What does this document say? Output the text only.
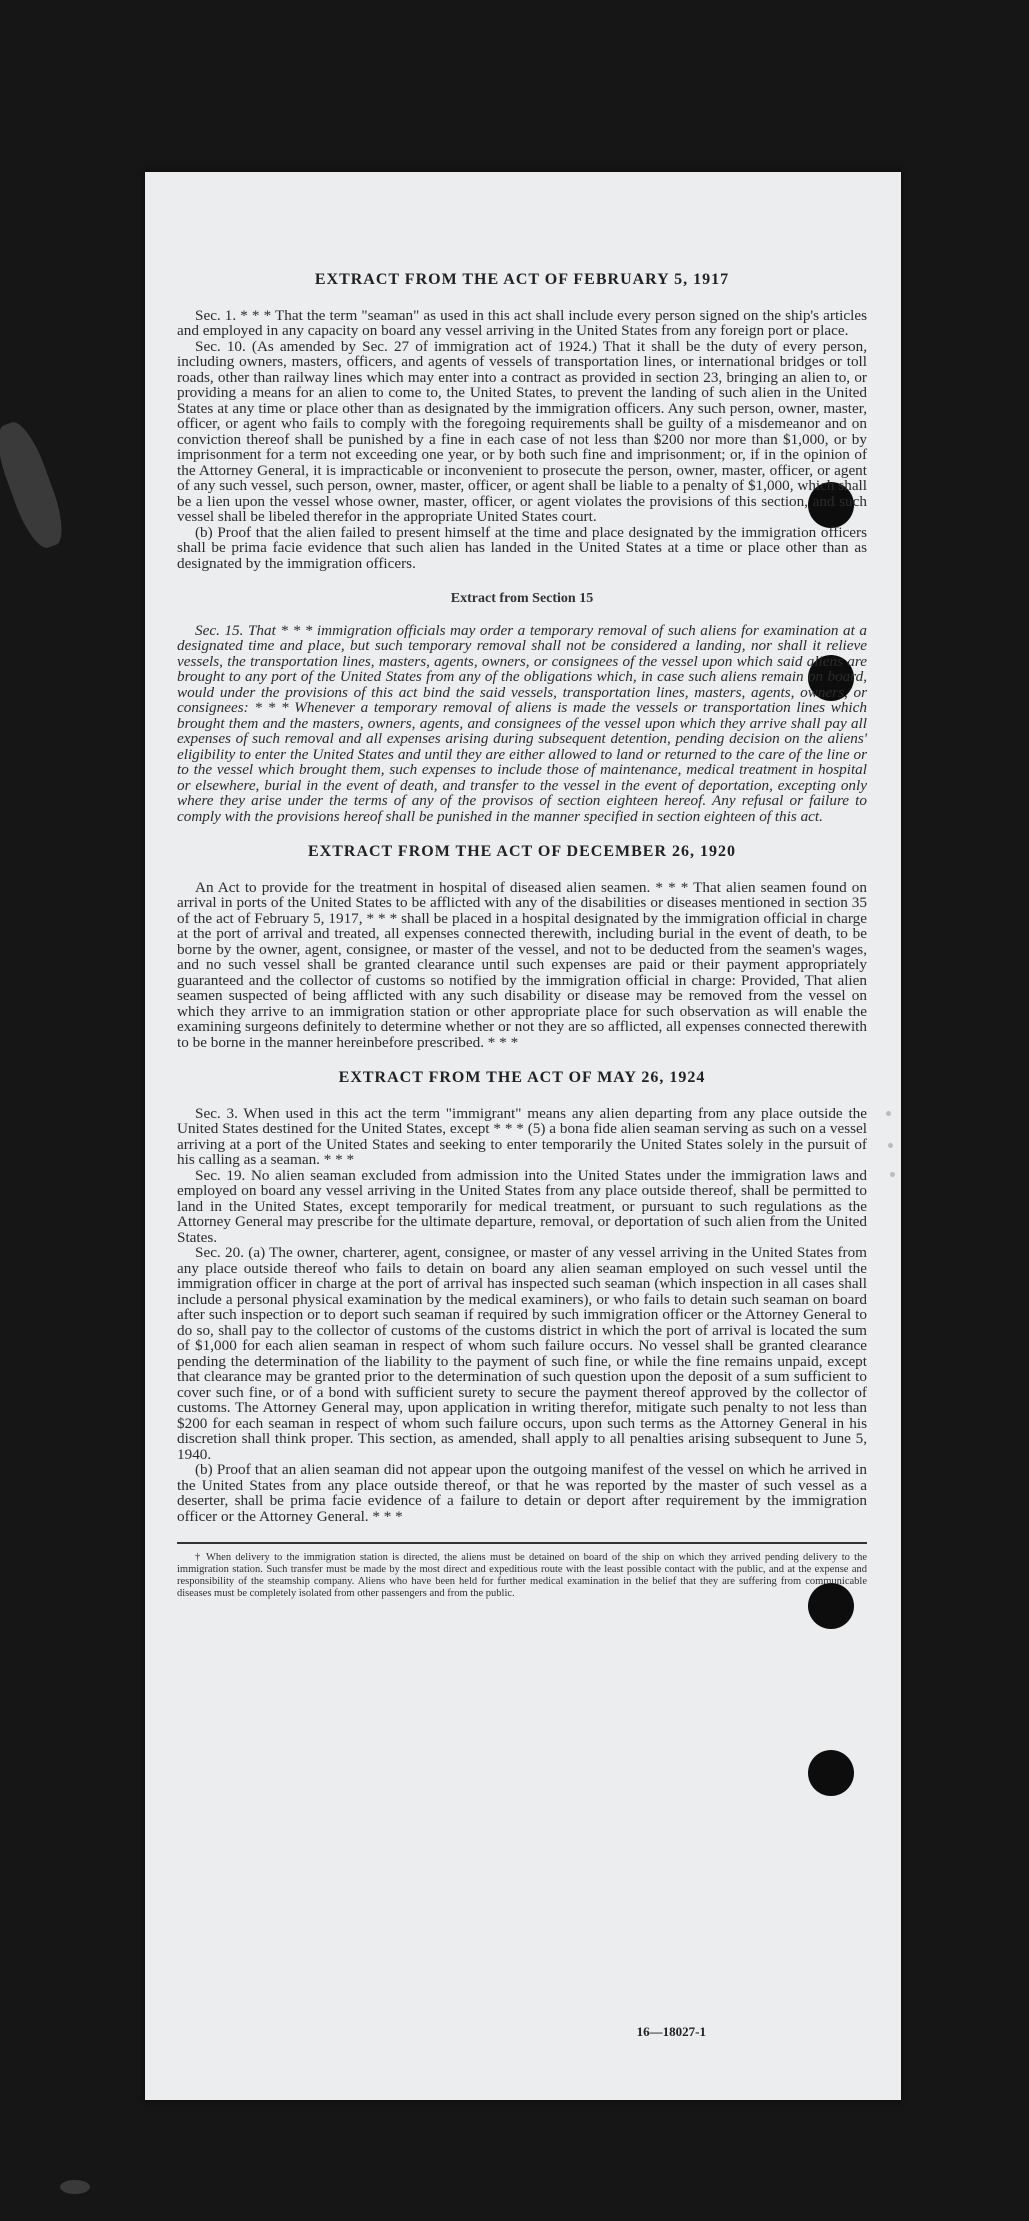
EXTRACT FROM THE ACT OF FEBRUARY 5, 1917

Sec. 1. * * * That the term "seaman" as used in this act shall include every person signed on the ship's articles and employed in any capacity on board any vessel arriving in the United States from any foreign port or place.

Sec. 10. (As amended by Sec. 27 of immigration act of 1924.) That it shall be the duty of every person, including owners, masters, officers, and agents of vessels of transportation lines, or international bridges or toll roads, other than railway lines which may enter into a contract as provided in section 23, bringing an alien to, or providing a means for an alien to come to, the United States, to prevent the landing of such alien in the United States at any time or place other than as designated by the immigration officers. Any such person, owner, master, officer, or agent who fails to comply with the foregoing requirements shall be guilty of a misdemeanor and on conviction thereof shall be punished by a fine in each case of not less than $200 nor more than $1,000, or by imprisonment for a term not exceeding one year, or by both such fine and imprisonment; or, if in the opinion of the Attorney General, it is impracticable or inconvenient to prosecute the person, owner, master, officer, or agent of any such vessel, such person, owner, master, officer, or agent shall be liable to a penalty of $1,000, which shall be a lien upon the vessel whose owner, master, officer, or agent violates the provisions of this section, and such vessel shall be libeled therefor in the appropriate United States court.

(b) Proof that the alien failed to present himself at the time and place designated by the immigration officers shall be prima facie evidence that such alien has landed in the United States at a time or place other than as designated by the immigration officers.

Extract from Section 15

Sec. 15. That * * * immigration officials may order a temporary removal of such aliens for examination at a designated time and place, but such temporary removal shall not be considered a landing, nor shall it relieve vessels, the transportation lines, masters, agents, owners, or consignees of the vessel upon which said aliens are brought to any port of the United States from any of the obligations which, in case such aliens remain on board, would under the provisions of this act bind the said vessels, transportation lines, masters, agents, owners, or consignees: * * * Whenever a temporary removal of aliens is made the vessels or transportation lines which brought them and the masters, owners, agents, and consignees of the vessel upon which they arrive shall pay all expenses of such removal and all expenses arising during subsequent detention, pending decision on the aliens' eligibility to enter the United States and until they are either allowed to land or returned to the care of the line or to the vessel which brought them, such expenses to include those of maintenance, medical treatment in hospital or elsewhere, burial in the event of death, and transfer to the vessel in the event of deportation, excepting only where they arise under the terms of any of the provisos of section eighteen hereof. Any refusal or failure to comply with the provisions hereof shall be punished in the manner specified in section eighteen of this act.

EXTRACT FROM THE ACT OF DECEMBER 26, 1920

An Act to provide for the treatment in hospital of diseased alien seamen. * * * That alien seamen found on arrival in ports of the United States to be afflicted with any of the disabilities or diseases mentioned in section 35 of the act of February 5, 1917, * * * shall be placed in a hospital designated by the immigration official in charge at the port of arrival and treated, all expenses connected therewith, including burial in the event of death, to be borne by the owner, agent, consignee, or master of the vessel, and not to be deducted from the seamen's wages, and no such vessel shall be granted clearance until such expenses are paid or their payment appropriately guaranteed and the collector of customs so notified by the immigration official in charge: Provided, That alien seamen suspected of being afflicted with any such disability or disease may be removed from the vessel on which they arrive to an immigration station or other appropriate place for such observation as will enable the examining surgeons definitely to determine whether or not they are so afflicted, all expenses connected therewith to be borne in the manner hereinbefore prescribed. * * *

EXTRACT FROM THE ACT OF MAY 26, 1924

Sec. 3. When used in this act the term "immigrant" means any alien departing from any place outside the United States destined for the United States, except * * * (5) a bona fide alien seaman serving as such on a vessel arriving at a port of the United States and seeking to enter temporarily the United States solely in the pursuit of his calling as a seaman. * * *

Sec. 19. No alien seaman excluded from admission into the United States under the immigration laws and employed on board any vessel arriving in the United States from any place outside thereof, shall be permitted to land in the United States, except temporarily for medical treatment, or pursuant to such regulations as the Attorney General may prescribe for the ultimate departure, removal, or deportation of such alien from the United States.

Sec. 20. (a) The owner, charterer, agent, consignee, or master of any vessel arriving in the United States from any place outside thereof who fails to detain on board any alien seaman employed on such vessel until the immigration officer in charge at the port of arrival has inspected such seaman (which inspection in all cases shall include a personal physical examination by the medical examiners), or who fails to detain such seaman on board after such inspection or to deport such seaman if required by such immigration officer or the Attorney General to do so, shall pay to the collector of customs of the customs district in which the port of arrival is located the sum of $1,000 for each alien seaman in respect of whom such failure occurs. No vessel shall be granted clearance pending the determination of the liability to the payment of such fine, or while the fine remains unpaid, except that clearance may be granted prior to the determination of such question upon the deposit of a sum sufficient to cover such fine, or of a bond with sufficient surety to secure the payment thereof approved by the collector of customs. The Attorney General may, upon application in writing therefor, mitigate such penalty to not less than $200 for each seaman in respect of whom such failure occurs, upon such terms as the Attorney General in his discretion shall think proper. This section, as amended, shall apply to all penalties arising subsequent to June 5, 1940.

(b) Proof that an alien seaman did not appear upon the outgoing manifest of the vessel on which he arrived in the United States from any place outside thereof, or that he was reported by the master of such vessel as a deserter, shall be prima facie evidence of a failure to detain or deport after requirement by the immigration officer or the Attorney General. * * *

† When delivery to the immigration station is directed, the aliens must be detained on board of the ship on which they arrived pending delivery to the immigration station. Such transfer must be made by the most direct and expeditious route with the least possible contact with the public, and at the expense and responsibility of the steamship company. Aliens who have been held for further medical examination in the belief that they are suffering from communicable diseases must be completely isolated from other passengers and from the public.

16—18027-1
